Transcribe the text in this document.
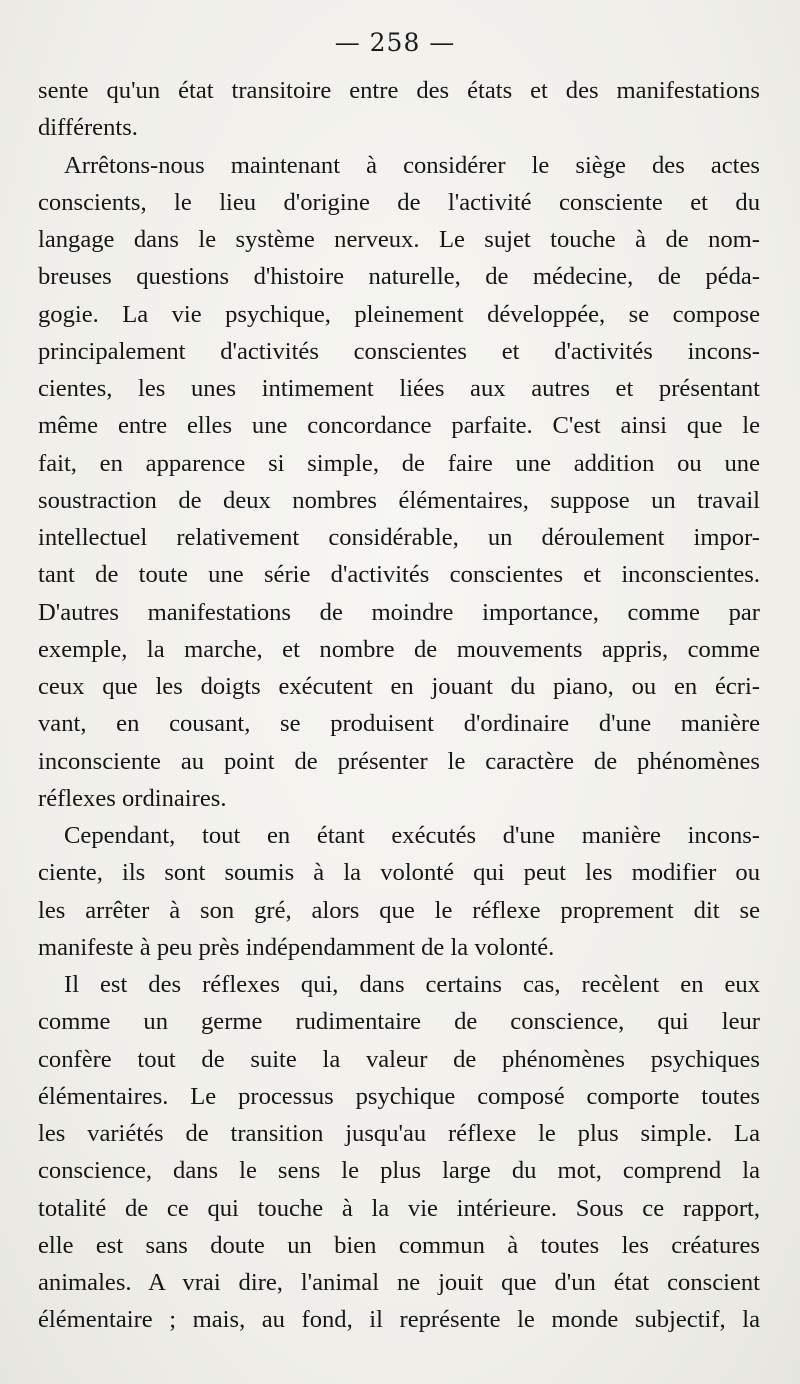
— 258 —
sente qu'un état transitoire entre des états et des manifestations
différents.
Arrêtons-nous maintenant à considérer le siège des actes
conscients, le lieu d'origine de l'activité consciente et du
langage dans le système nerveux. Le sujet touche à de nom-
breuses questions d'histoire naturelle, de médecine, de péda-
gogie. La vie psychique, pleinement développée, se compose
principalement d'activités conscientes et d'activités incons-
cientes, les unes intimement liées aux autres et présentant
même entre elles une concordance parfaite. C'est ainsi que le
fait, en apparence si simple, de faire une addition ou une
soustraction de deux nombres élémentaires, suppose un travail
intellectuel relativement considérable, un déroulement impor-
tant de toute une série d'activités conscientes et inconscientes.
D'autres manifestations de moindre importance, comme par
exemple, la marche, et nombre de mouvements appris, comme
ceux que les doigts exécutent en jouant du piano, ou en écri-
vant, en cousant, se produisent d'ordinaire d'une manière
inconsciente au point de présenter le caractère de phénomènes
réflexes ordinaires.
Cependant, tout en étant exécutés d'une manière incons-
ciente, ils sont soumis à la volonté qui peut les modifier ou
les arrêter à son gré, alors que le réflexe proprement dit se
manifeste à peu près indépendamment de la volonté.
Il est des réflexes qui, dans certains cas, recèlent en eux
comme un germe rudimentaire de conscience, qui leur
confère tout de suite la valeur de phénomènes psychiques
élémentaires. Le processus psychique composé comporte toutes
les variétés de transition jusqu'au réflexe le plus simple. La
conscience, dans le sens le plus large du mot, comprend la
totalité de ce qui touche à la vie intérieure. Sous ce rapport,
elle est sans doute un bien commun à toutes les créatures
animales. A vrai dire, l'animal ne jouit que d'un état conscient
élémentaire ; mais, au fond, il représente le monde subjectif, la
